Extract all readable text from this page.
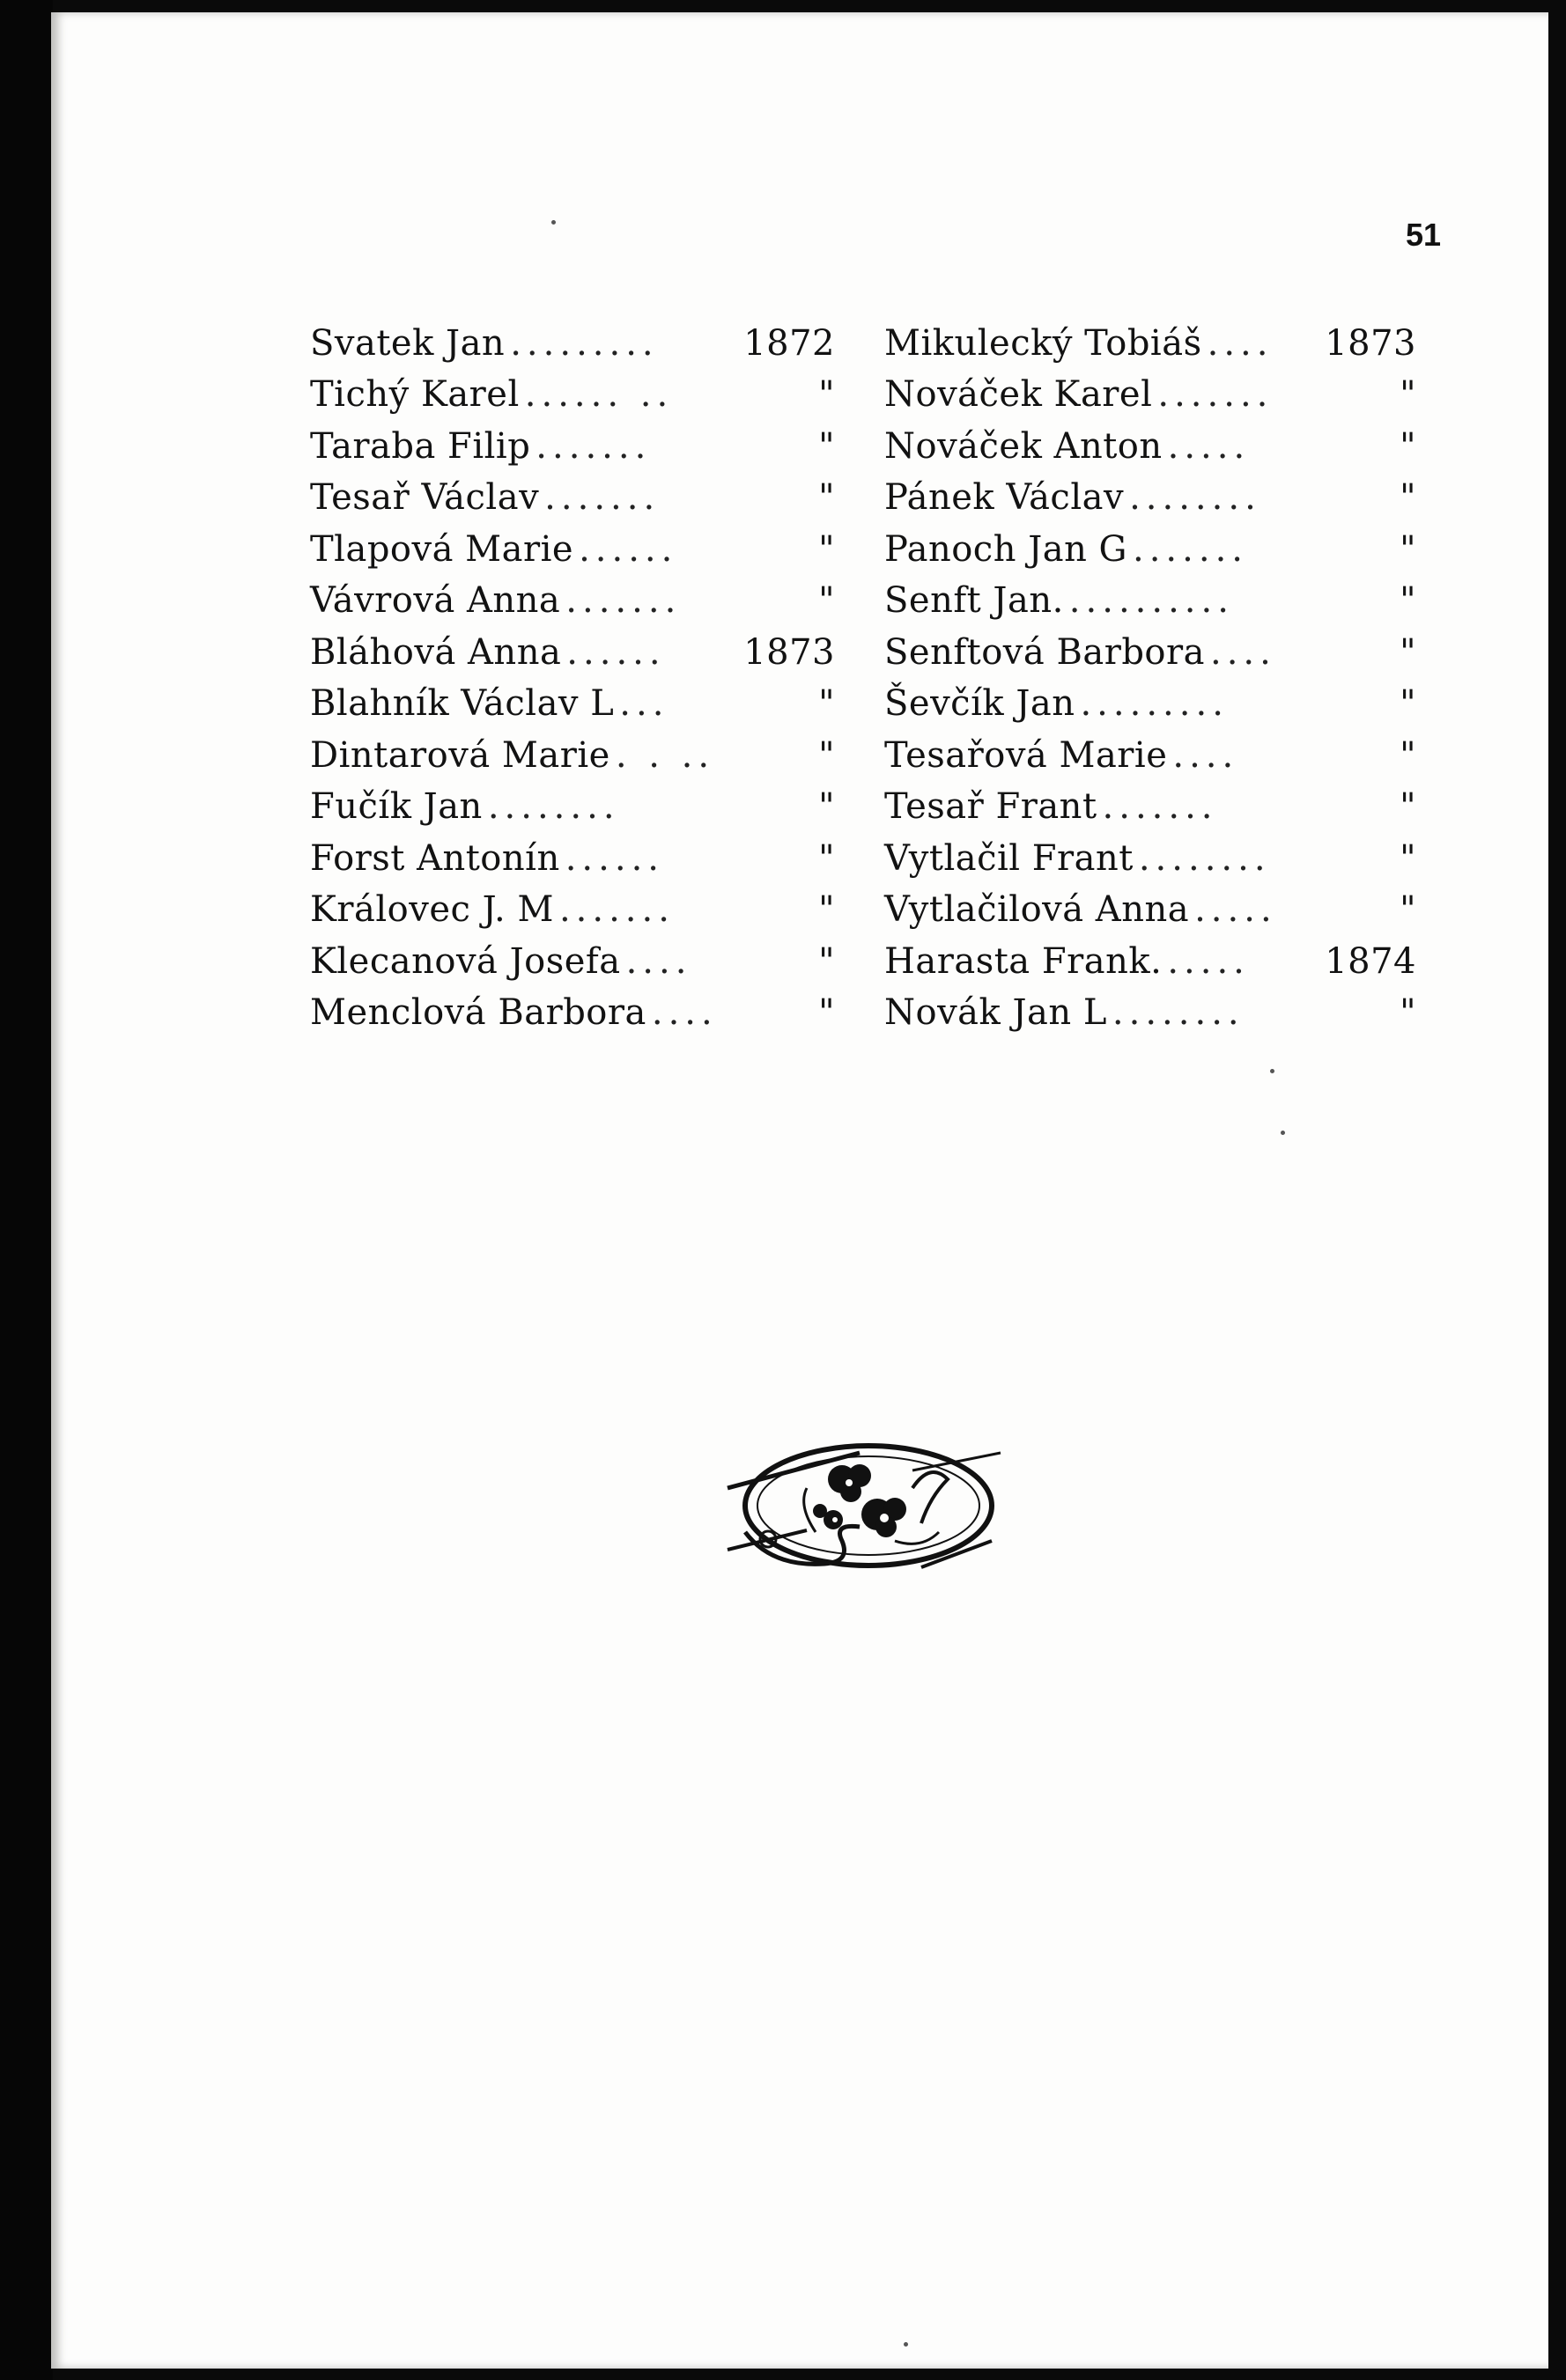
51
Svatek Jan .........	1872
Tichý Karel ...... ..	"
Taraba Filip .......	"
Tesař Václav .......	"
Tlapová Marie ......	"
Vávrová Anna .......	"
Bláhová Anna ......	1873
Blahník Václav L ...	"
Dintarová Marie . . ..	"
Fučík Jan ........	"
Forst Antonín ......	"
Královec J. M .......	"
Klecanová Josefa ....	"
Menclová Barbora ....	"
Mikulecký Tobiáš ....	1873
Nováček Karel .......	"
Nováček Anton .....	"
Pánek Václav ........	"
Panoch Jan G .......	"
Senft Jan. ..........	"
Senftová Barbora ....	"
Ševčík Jan .........	"
Tesařová Marie ....	"
Tesař Frant .......	"
Vytlačil Frant ........	"
Vytlačilová Anna .....	"
Harasta Frank. .....	1874
Novák Jan L ........	"
